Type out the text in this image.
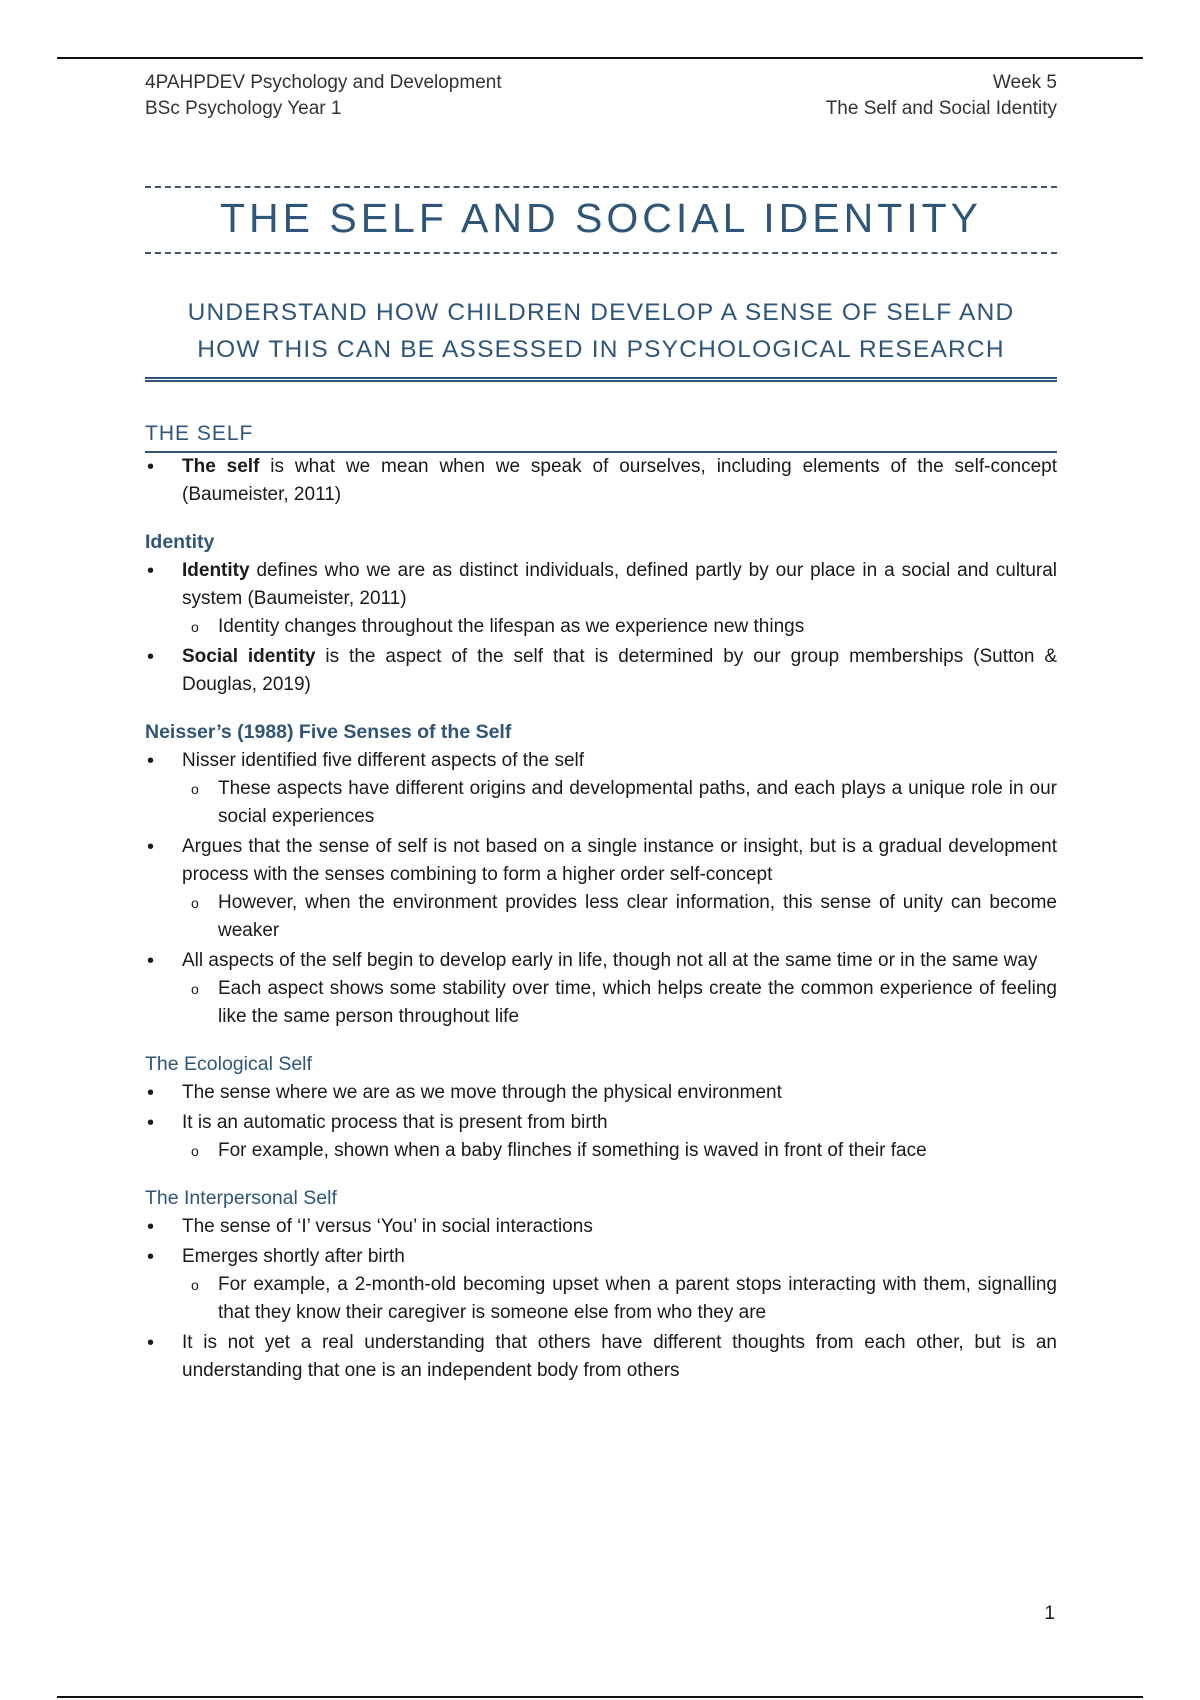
4PAHPDEV Psychology and Development
BSc Psychology Year 1
Week 5
The Self and Social Identity
THE SELF AND SOCIAL IDENTITY

UNDERSTAND HOW CHILDREN DEVELOP A SENSE OF SELF AND

HOW THIS CAN BE ASSESSED IN PSYCHOLOGICAL RESEARCH

THE SELF
• The self is what we mean when we speak of ourselves, including elements of the self-concept (Baumeister, 2011)
Identity
• Identity defines who we are as distinct individuals, defined partly by our place in a social and cultural system (Baumeister, 2011)
o Identity changes throughout the lifespan as we experience new things
• Social identity is the aspect of the self that is determined by our group memberships (Sutton & Douglas, 2019)
Neisser’s (1988) Five Senses of the Self
• Nisser identified five different aspects of the self
o These aspects have different origins and developmental paths, and each plays a unique role in our social experiences
• Argues that the sense of self is not based on a single instance or insight, but is a gradual development process with the senses combining to form a higher order self-concept
o However, when the environment provides less clear information, this sense of unity can become weaker
• All aspects of the self begin to develop early in life, though not all at the same time or in the same way
o Each aspect shows some stability over time, which helps create the common experience of feeling like the same person throughout life
The Ecological Self
• The sense where we are as we move through the physical environment
• It is an automatic process that is present from birth
o For example, shown when a baby flinches if something is waved in front of their face
The Interpersonal Self
• The sense of ‘I’ versus ‘You’ in social interactions
• Emerges shortly after birth
o For example, a 2-month-old becoming upset when a parent stops interacting with them, signalling that they know their caregiver is someone else from who they are
• It is not yet a real understanding that others have different thoughts from each other, but is an understanding that one is an independent body from others
1
